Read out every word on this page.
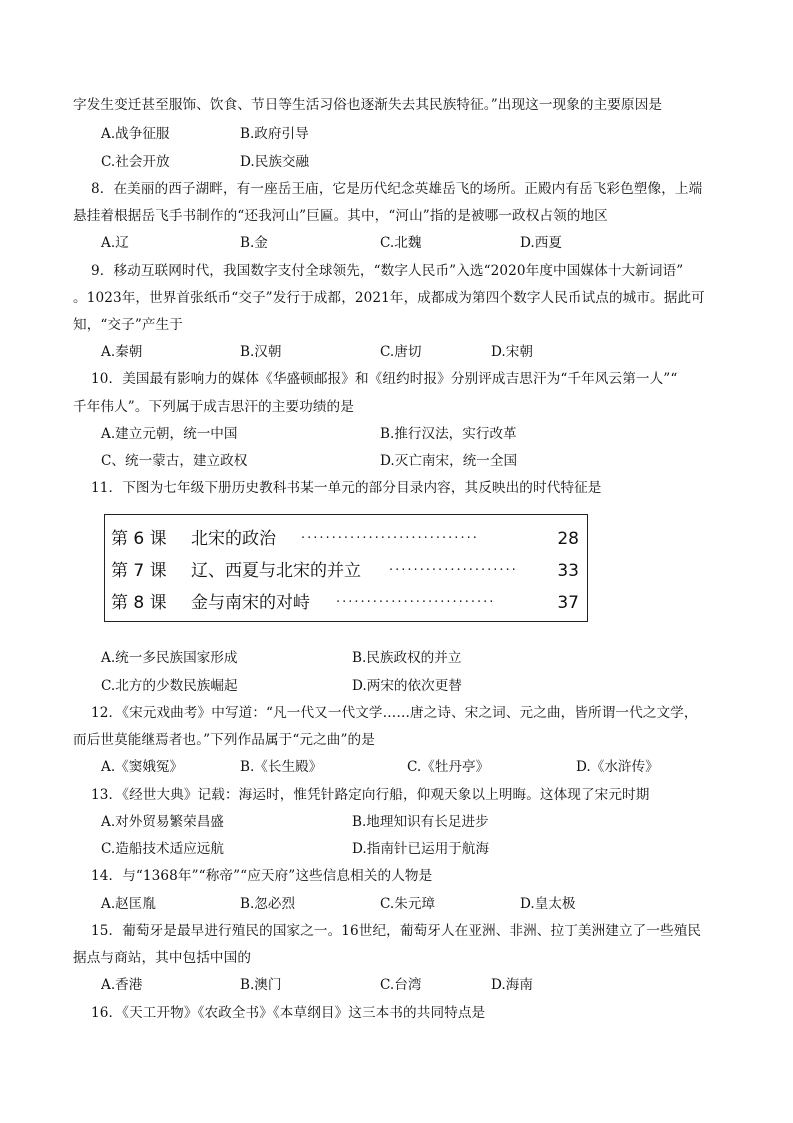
字发生变迁甚至服饰、饮食、节日等生活习俗也逐渐失去其民族特征。”出现这一现象的主要原因是
A.战争征服	B.政府引导
C.社会开放	D.民族交融
8．在美丽的西子湖畔，有一座岳王庙，它是历代纪念英雄岳飞的场所。正殿内有岳飞彩色塑像，上端
悬挂着根据岳飞手书制作的“还我河山”巨匾。其中，“河山”指的是被哪一政权占领的地区
A.辽	B.金	C.北魏	D.西夏
9．移动互联网时代，我国数字支付全球领先，“数字人民币”入选“2020年度中国媒体十大新词语”
。1023年，世界首张纸币“交子”发行于成都，2021年，成都成为第四个数字人民币试点的城市。据此可
知，“交子”产生于
A.秦朝	B.汉朝	C.唐切	D.宋朝
10．美国最有影响力的媒体《华盛顿邮报》和《纽约时报》分别评成吉思汗为“千年风云第一人”“
千年伟人”。下列属于成吉思汗的主要功绩的是
A.建立元朝，统一中国	B.推行汉法，实行改革
C、统一蒙古，建立政权	D.灭亡南宋，统一全国
11．下图为七年级下册历史教科书某一单元的部分目录内容，其反映出的时代特征是
第 6 课 北宋的政治 ·····························	28
第 7 课 辽、西夏与北宋的并立 ····················· 33
第 8 课 金与南宋的对峙 ··························	37
A.统一多民族国家形成	B.民族政权的并立
C.北方的少数民族崛起	D.两宋的依次更替
12．《宋元戏曲考》中写道：“凡一代又一代文学……唐之诗、宋之词、元之曲，皆所谓一代之文学，
而后世莫能继焉者也。”下列作品属于“元之曲”的是
A.《窦娥冤》	B.《长生殿》	C.《牡丹亭》	D.《水浒传》
13．《经世大典》记载：海运时，惟凭针路定向行船，仰观天象以上明晦。这体现了宋元时期
A.对外贸易繁荣昌盛	B.地理知识有长足进步
C.造船技术适应远航	D.指南针已运用于航海
14．与“1368年”“称帝”“应天府”这些信息相关的人物是
A.赵匡胤	B.忽必烈	C.朱元璋	D.皇太极
15．葡萄牙是最早进行殖民的国家之一。16世纪，葡萄牙人在亚洲、非洲、拉丁美洲建立了一些殖民
据点与商站，其中包括中国的
A.香港	B.澳门	C.台湾	D.海南
16．《天工开物》《农政全书》《本草纲目》这三本书的共同特点是
